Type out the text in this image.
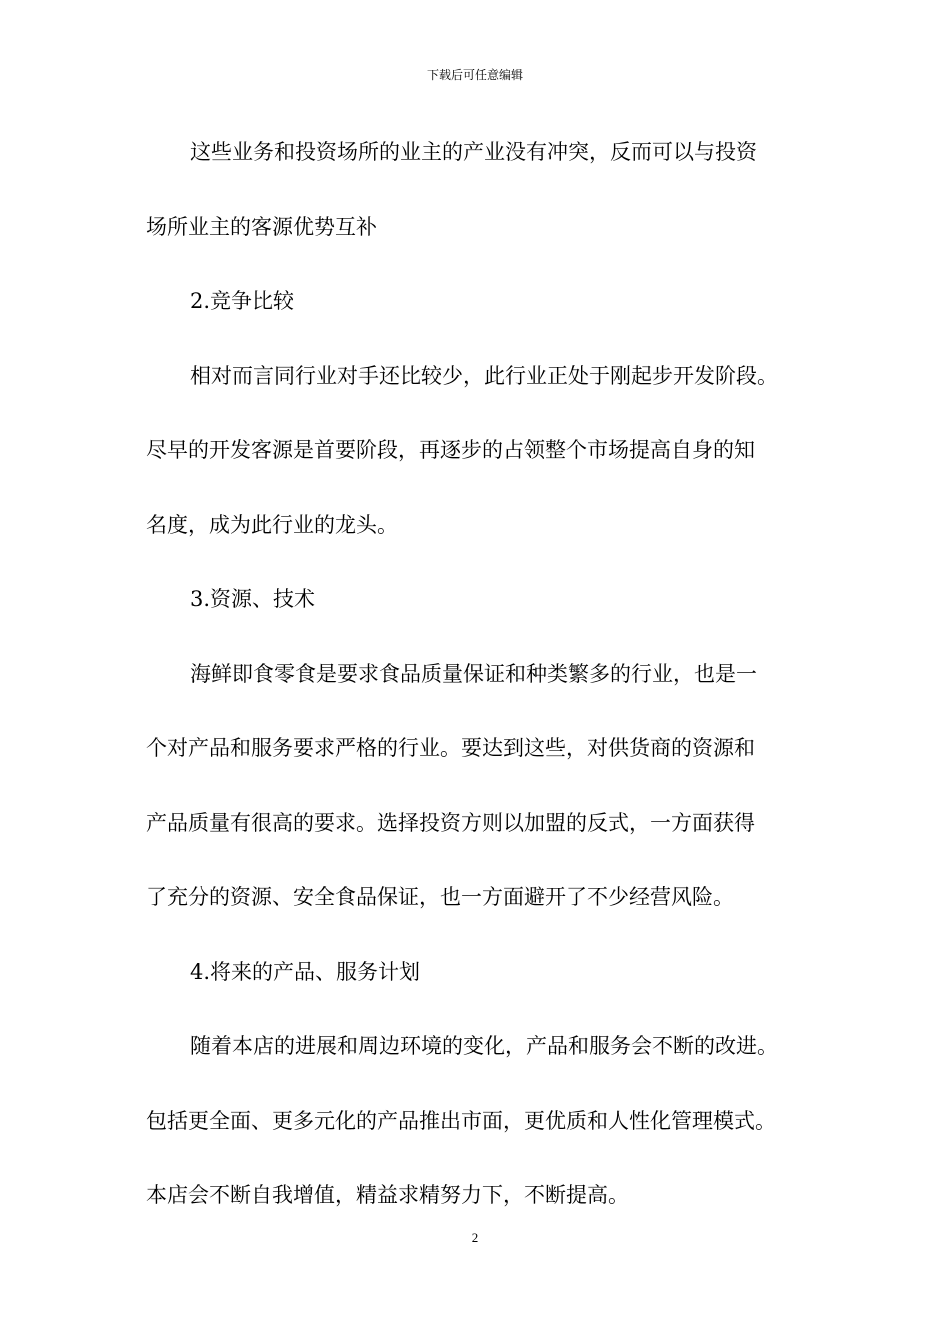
下载后可任意编辑
这些业务和投资场所的业主的产业没有冲突，反而可以与投资
场所业主的客源优势互补
2.竞争比较
相对而言同行业对手还比较少，此行业正处于刚起步开发阶段。
尽早的开发客源是首要阶段，再逐步的占领整个市场提高自身的知
名度，成为此行业的龙头。
3.资源、技术
海鲜即食零食是要求食品质量保证和种类繁多的行业，也是一
个对产品和服务要求严格的行业。要达到这些，对供货商的资源和
产品质量有很高的要求。选择投资方则以加盟的反式，一方面获得
了充分的资源、安全食品保证，也一方面避开了不少经营风险。
4.将来的产品、服务计划
随着本店的进展和周边环境的变化，产品和服务会不断的改进。
包括更全面、更多元化的产品推出市面，更优质和人性化管理模式。
本店会不断自我增值，精益求精努力下，不断提高。
2
